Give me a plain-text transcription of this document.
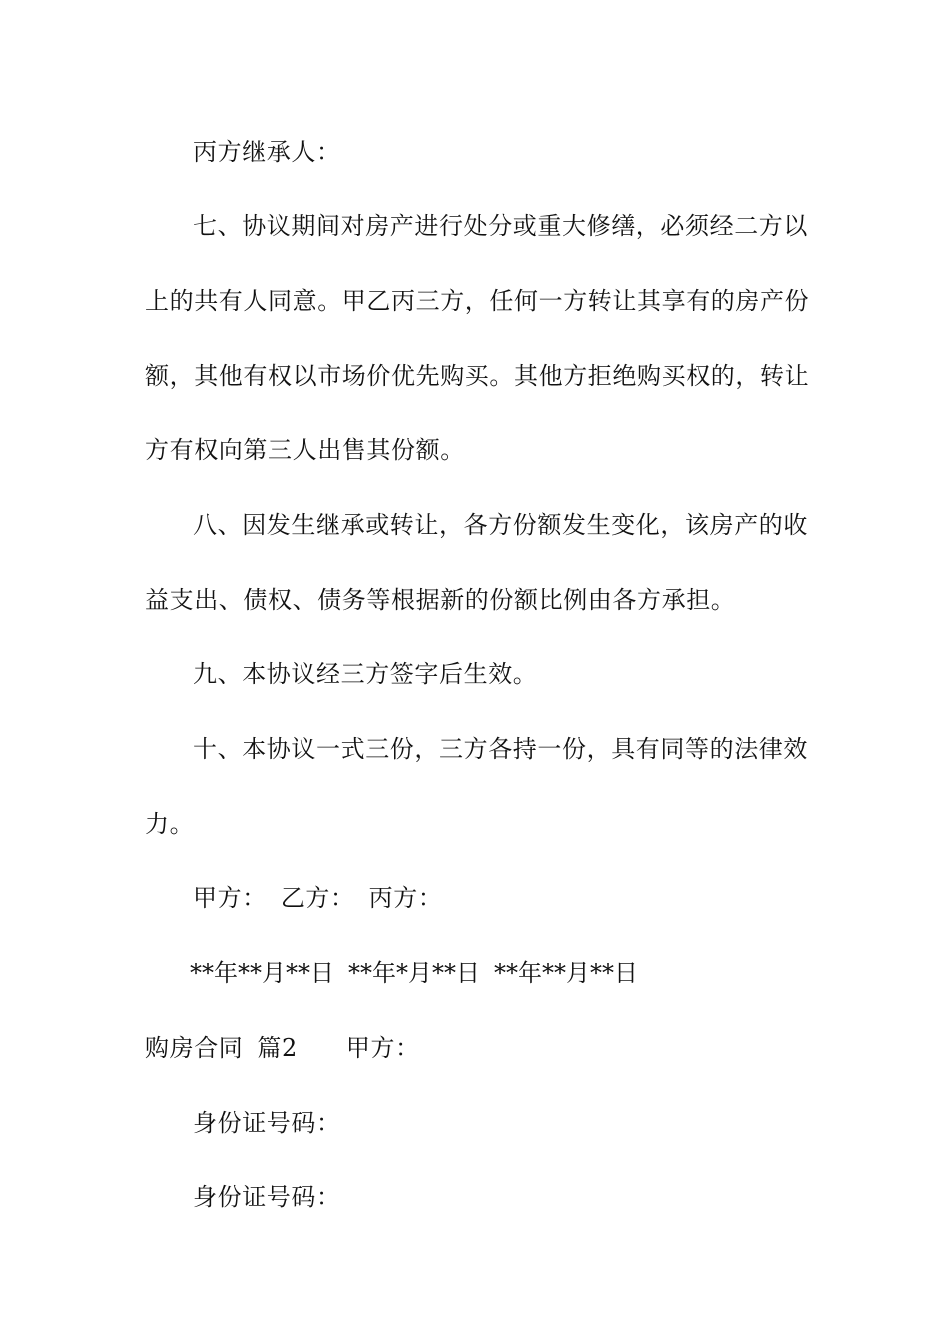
丙方继承人：
七、协议期间对房产进行处分或重大修缮，必须经二方以
上的共有人同意。甲乙丙三方，任何一方转让其享有的房产份
额，其他有权以市场价优先购买。其他方拒绝购买权的，转让
方有权向第三人出售其份额。
八、因发生继承或转让，各方份额发生变化，该房产的收
益支出、债权、债务等根据新的份额比例由各方承担。
九、本协议经三方签字后生效。
十、本协议一式三份，三方各持一份，具有同等的法律效
力。
甲方： 乙方： 丙方：
**年**月**日 **年*月**日 **年**月**日
购房合同 篇2 甲方：
身份证号码：
身份证号码：
